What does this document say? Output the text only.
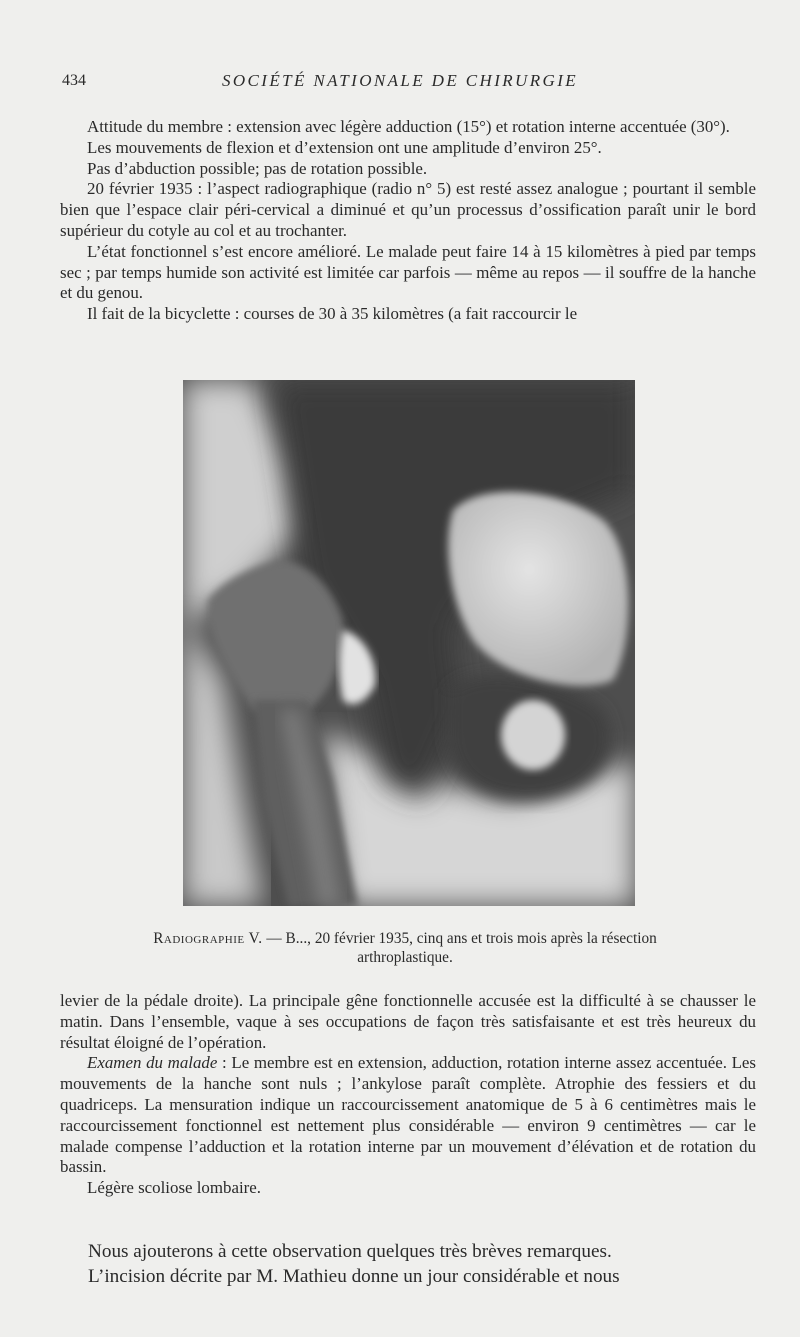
434	SOCIÉTÉ NATIONALE DE CHIRURGIE

Attitude du membre : extension avec légère adduction (15°) et rotation interne accentuée (30°).

Les mouvements de flexion et d’extension ont une amplitude d’environ 25°.

Pas d’abduction possible; pas de rotation possible.

20 février 1935 : l’aspect radiographique (radio n° 5) est resté assez analogue ; pourtant il semble bien que l’espace clair péri-cervical a diminué et qu’un processus d’ossification paraît unir le bord supérieur du cotyle au col et au trochanter.

L’état fonctionnel s’est encore amélioré. Le malade peut faire 14 à 15 kilomètres à pied par temps sec ; par temps humide son activité est limitée car parfois — même au repos — il souffre de la hanche et du genou.

Il fait de la bicyclette : courses de 30 à 35 kilomètres (a fait raccourcir le

Radiographie V. — B..., 20 février 1935, cinq ans et trois mois après la résection arthroplastique.

levier de la pédale droite). La principale gêne fonctionnelle accusée est la difficulté à se chausser le matin. Dans l’ensemble, vaque à ses occupations de façon très satisfaisante et est très heureux du résultat éloigné de l’opération.

Examen du malade : Le membre est en extension, adduction, rotation interne assez accentuée. Les mouvements de la hanche sont nuls ; l’ankylose paraît complète. Atrophie des fessiers et du quadriceps. La mensuration indique un raccourcissement anatomique de 5 à 6 centimètres mais le raccourcissement fonctionnel est nettement plus considérable — environ 9 centimètres — car le malade compense l’adduction et la rotation interne par un mouvement d’élévation et de rotation du bassin.

Légère scoliose lombaire.

Nous ajouterons à cette observation quelques très brèves remarques.

L’incision décrite par M. Mathieu donne un jour considérable et nous
